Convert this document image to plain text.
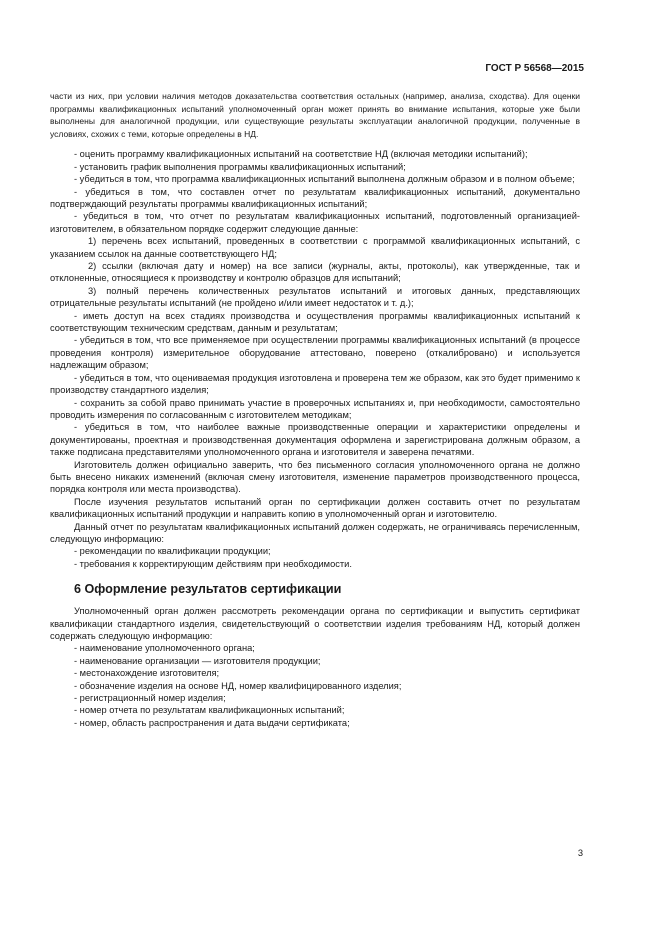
ГОСТ Р 56568—2015

части из них, при условии наличия методов доказательства соответствия остальных (например, анализа, сходства). Для оценки программы квалификационных испытаний уполномоченный орган может принять во внимание испытания, которые уже были выполнены для аналогичной продукции, или существующие результаты эксплуатации аналогичной продукции, полученные в условиях, схожих с теми, которые определены в НД.

- оценить программу квалификационных испытаний на соответствие НД (включая методики испытаний);

- установить график выполнения программы квалификационных испытаний;

- убедиться в том, что программа квалификационных испытаний выполнена должным образом и в полном объеме;

- убедиться в том, что составлен отчет по результатам квалификационных испытаний, документально подтверждающий результаты программы квалификационных испытаний;

- убедиться в том, что отчет по результатам квалификационных испытаний, подготовленный организацией-изготовителем, в обязательном порядке содержит следующие данные:

1) перечень всех испытаний, проведенных в соответствии с программой квалификационных испытаний, с указанием ссылок на данные соответствующего НД;

2) ссылки (включая дату и номер) на все записи (журналы, акты, протоколы), как утвержденные, так и отклоненные, относящиеся к производству и контролю образцов для испытаний;

3) полный перечень количественных результатов испытаний и итоговых данных, представляющих отрицательные результаты испытаний (не пройдено и/или имеет недостаток и т. д.);

- иметь доступ на всех стадиях производства и осуществления программы квалификационных испытаний к соответствующим техническим средствам, данным и результатам;

- убедиться в том, что все применяемое при осуществлении программы квалификационных испытаний (в процессе проведения контроля) измерительное оборудование аттестовано, поверено (откалибровано) и используется надлежащим образом;

- убедиться в том, что оцениваемая продукция изготовлена и проверена тем же образом, как это будет применимо к производству стандартного изделия;

- сохранить за собой право принимать участие в проверочных испытаниях и, при необходимости, самостоятельно проводить измерения по согласованным с изготовителем методикам;

- убедиться в том, что наиболее важные производственные операции и характеристики определены и документированы, проектная и производственная документация оформлена и зарегистрирована должным образом, а также подписана представителями уполномоченного органа и изготовителя и заверена печатями.

Изготовитель должен официально заверить, что без письменного согласия уполномоченного органа не должно быть внесено никаких изменений (включая смену изготовителя, изменение параметров производственного процесса, порядка контроля или места производства).

После изучения результатов испытаний орган по сертификации должен составить отчет по результатам квалификационных испытаний продукции и направить копию в уполномоченный орган и изготовителю.

Данный отчет по результатам квалификационных испытаний должен содержать, не ограничиваясь перечисленным, следующую информацию:

- рекомендации по квалификации продукции;

- требования к корректирующим действиям при необходимости.

6 Оформление результатов сертификации

Уполномоченный орган должен рассмотреть рекомендации органа по сертификации и выпустить сертификат квалификации стандартного изделия, свидетельствующий о соответствии изделия требованиям НД, который должен содержать следующую информацию:

- наименование уполномоченного органа;

- наименование организации — изготовителя продукции;

- местонахождение изготовителя;

- обозначение изделия на основе НД, номер квалифицированного изделия;

- регистрационный номер изделия;

- номер отчета по результатам квалификационных испытаний;

- номер, область распространения и дата выдачи сертификата;

3
